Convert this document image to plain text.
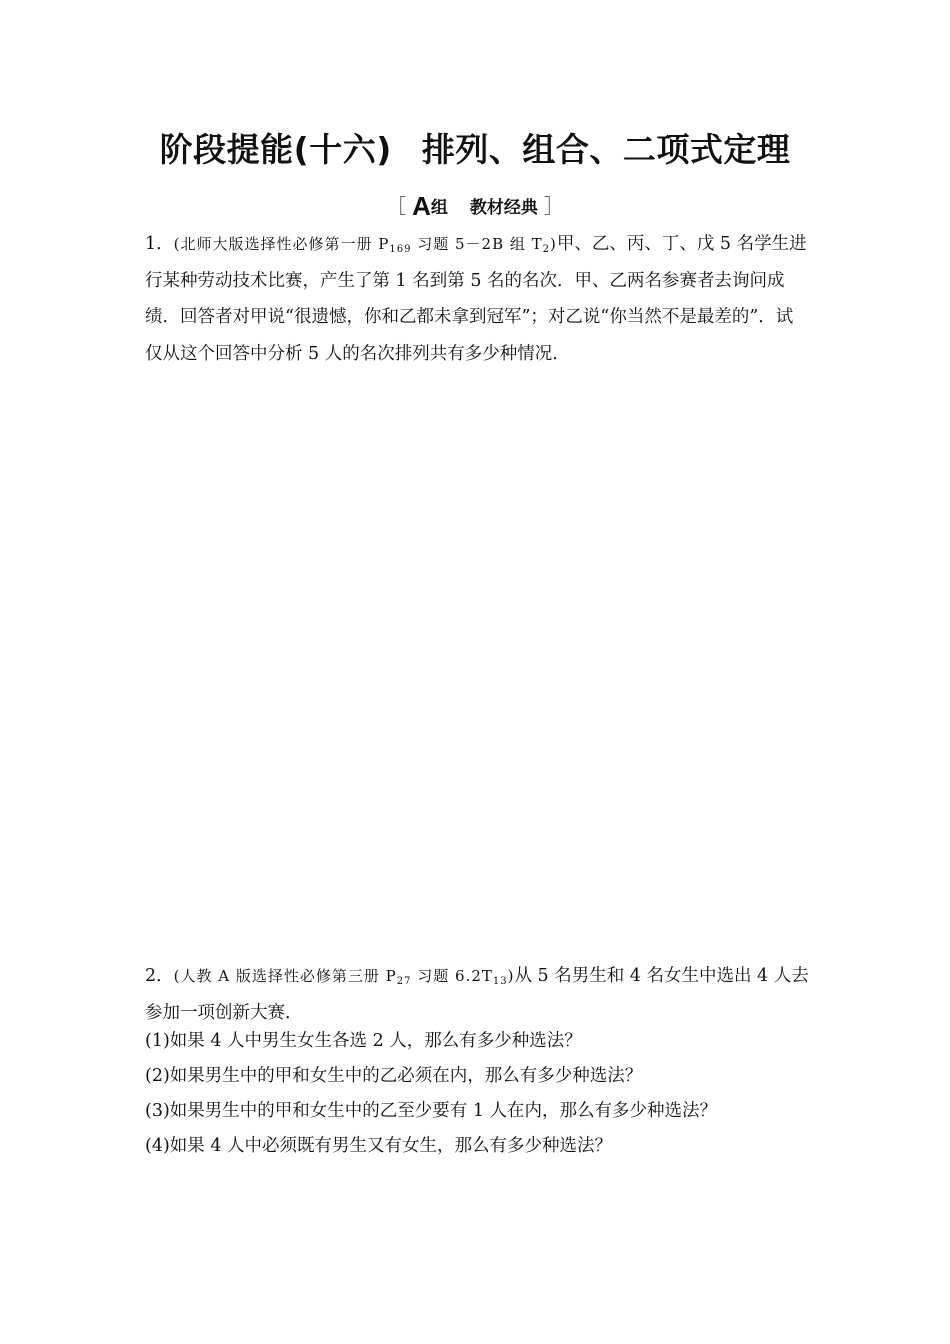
阶段提能(十六) 排列、组合、二项式定理
［ A组 教材经典 ］
1．(北师大版选择性必修第一册 $P_{169}$ 习题 5－2B 组 $T_2$)甲、乙、丙、丁、戊 5 名学生进行某种劳动技术比赛，产生了第 1 名到第 5 名的名次．甲、乙两名参赛者去询问成绩．回答者对甲说“很遗憾，你和乙都未拿到冠军”；对乙说“你当然不是最差的”．试仅从这个回答中分析 5 人的名次排列共有多少种情况．
2．(人教 A 版选择性必修第三册 $P_{27}$ 习题 $6.2T_{13}$)从 5 名男生和 4 名女生中选出 4 人去参加一项创新大赛．
(1)如果 4 人中男生女生各选 2 人，那么有多少种选法？
(2)如果男生中的甲和女生中的乙必须在内，那么有多少种选法？
(3)如果男生中的甲和女生中的乙至少要有 1 人在内，那么有多少种选法？
(4)如果 4 人中必须既有男生又有女生，那么有多少种选法？
